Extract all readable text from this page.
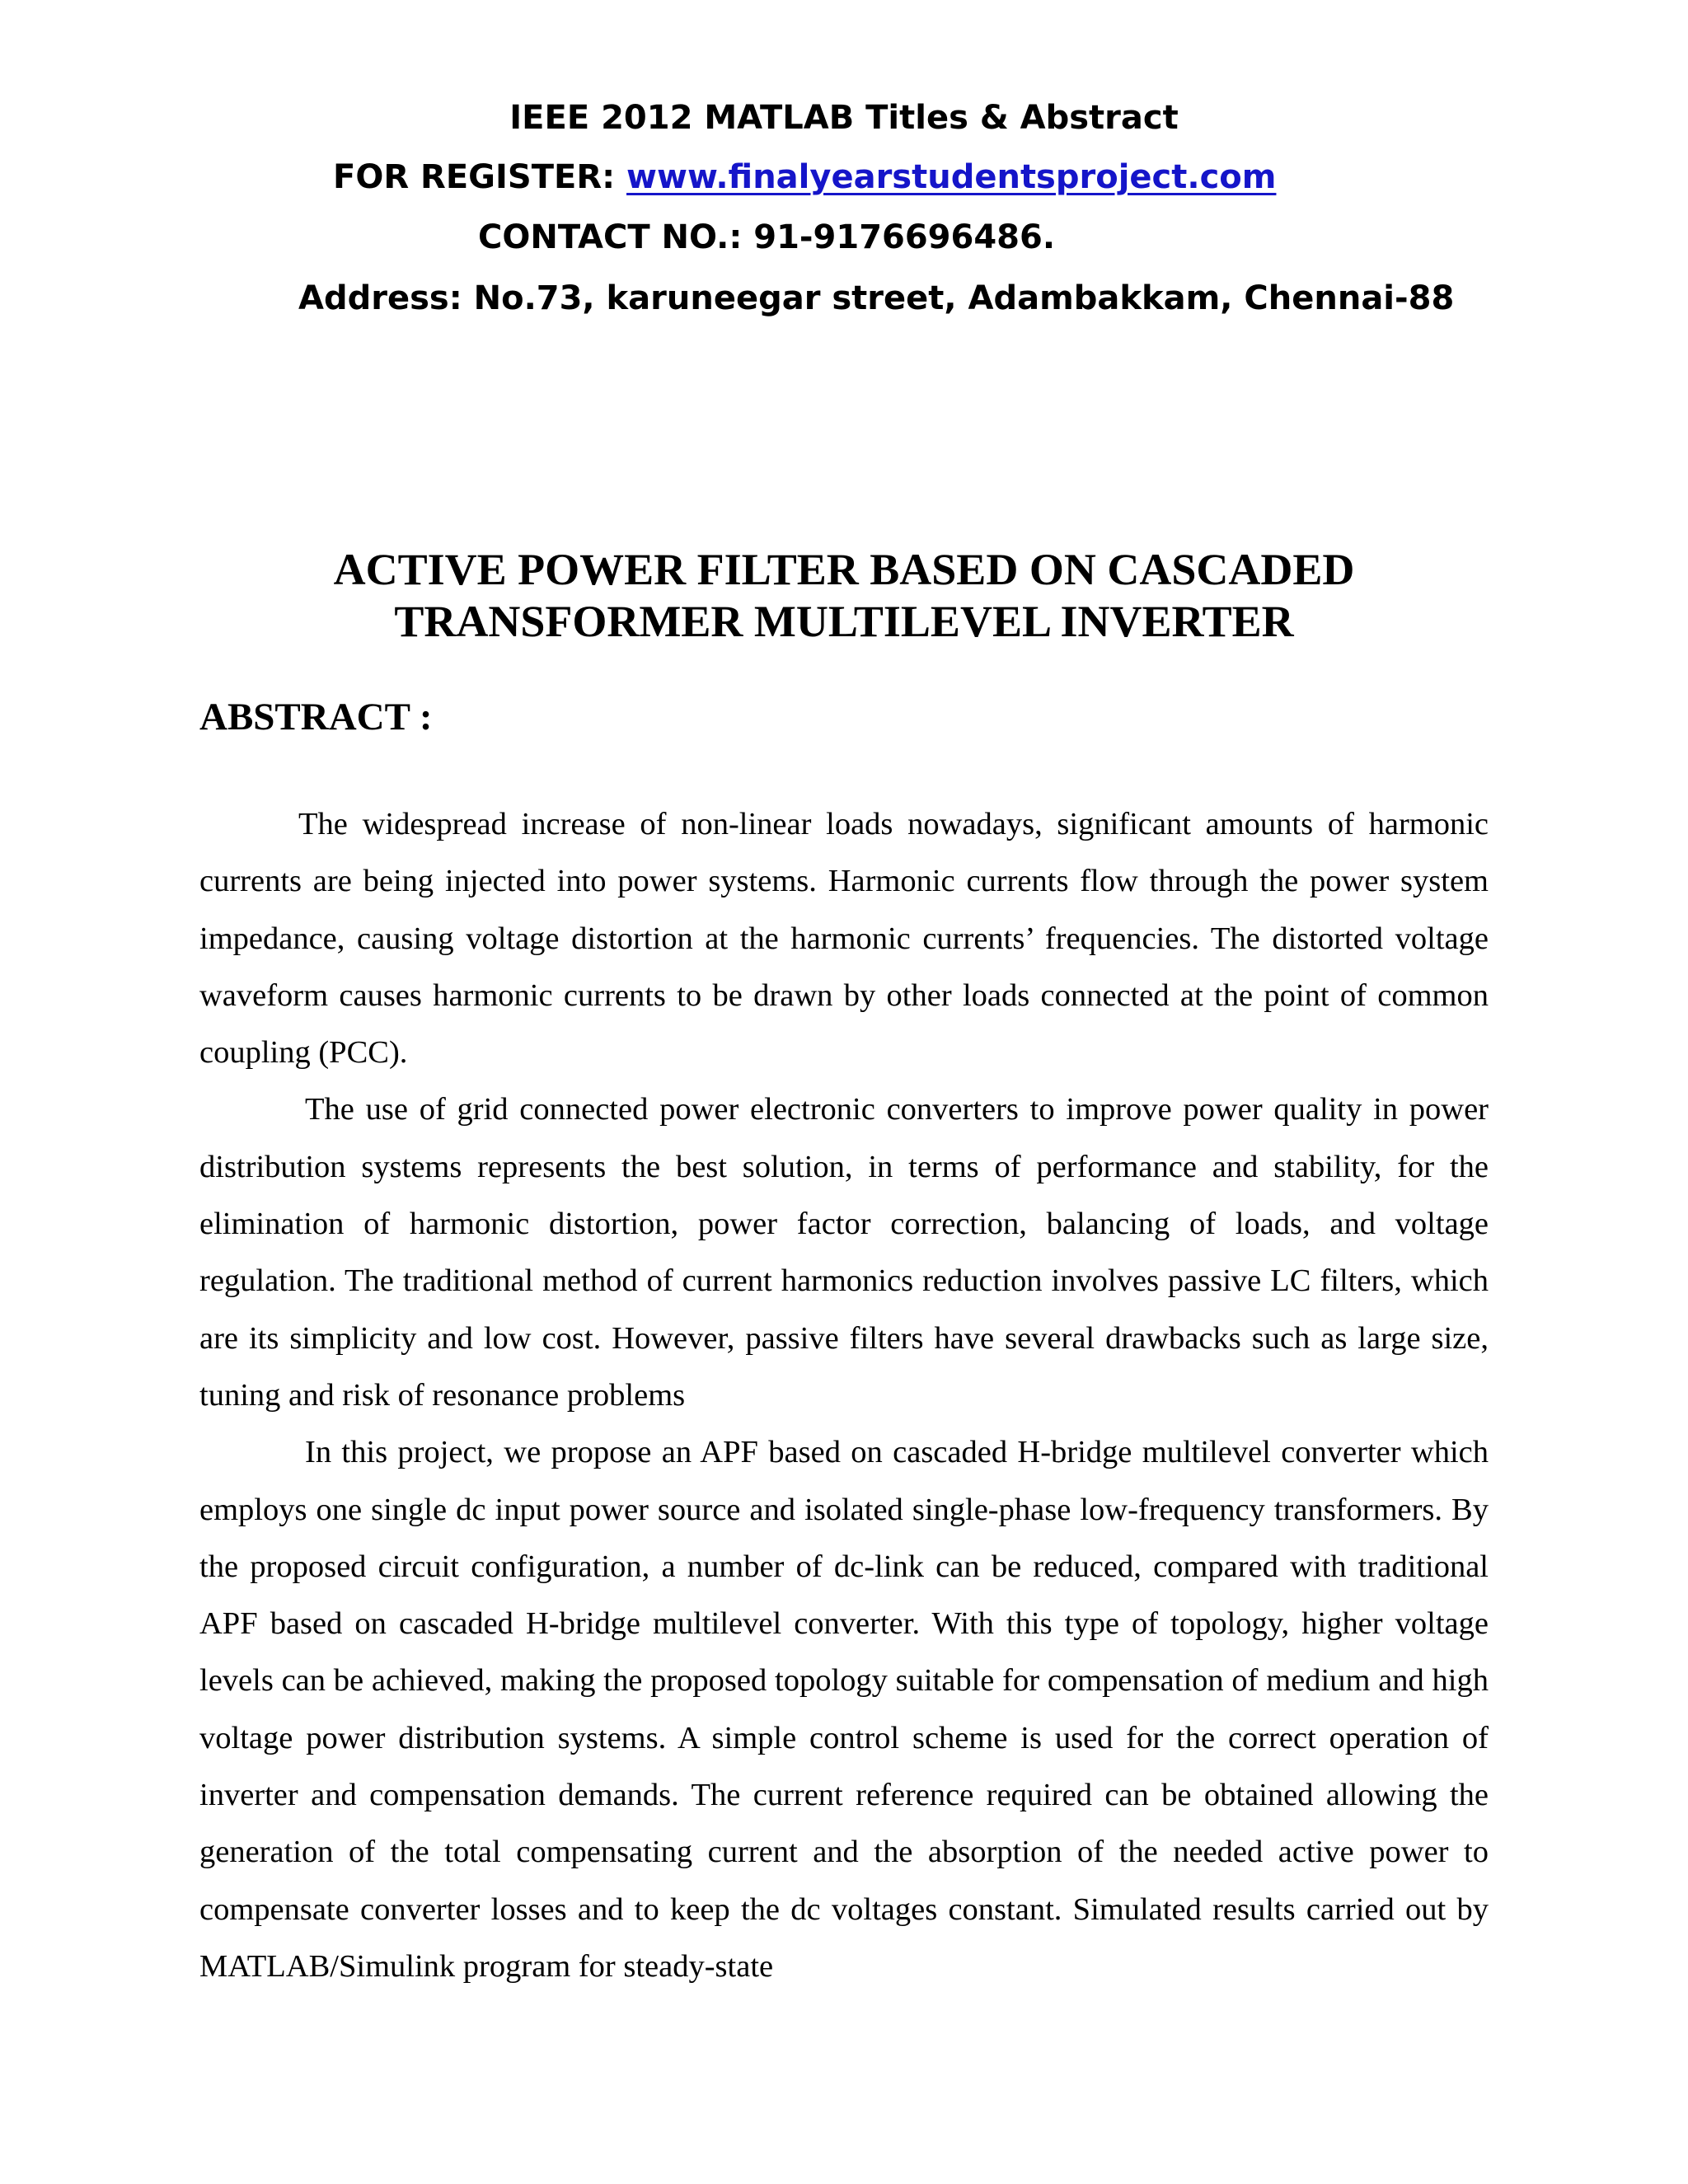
IEEE 2012 MATLAB Titles & Abstract
FOR REGISTER: www.finalyearstudentsproject.com
CONTACT NO.: 91-9176696486.
Address: No.73, karuneegar street, Adambakkam, Chennai-88
ACTIVE POWER FILTER BASED ON CASCADED
TRANSFORMER MULTILEVEL INVERTER
ABSTRACT :

The widespread increase of non-linear loads nowadays, significant amounts of harmonic currents are being injected into power systems. Harmonic currents flow through the power system impedance, causing voltage distortion at the harmonic currents’ frequencies. The distorted voltage waveform causes harmonic currents to be drawn by other loads connected at the point of common coupling (PCC).

The use of grid connected power electronic converters to improve power quality in power distribution systems represents the best solution, in terms of performance and stability, for the elimination of harmonic distortion, power factor correction, balancing of loads, and voltage regulation. The traditional method of current harmonics reduction involves passive LC filters, which are its simplicity and low cost. However, passive filters have several drawbacks such as large size, tuning and risk of resonance problems

In this project, we propose an APF based on cascaded H-bridge multilevel converter which employs one single dc input power source and isolated single-phase low-frequency transformers. By the proposed circuit configuration, a number of dc-link can be reduced, compared with traditional APF based on cascaded H-bridge multilevel converter. With this type of topology, higher voltage levels can be achieved, making the proposed topology suitable for compensation of medium and high voltage power distribution systems. A simple control scheme is used for the correct operation of inverter and compensation demands. The current reference required can be obtained allowing the generation of the total compensating current and the absorption of the needed active power to compensate converter losses and to keep the dc voltages constant. Simulated results carried out by MATLAB/Simulink program for steady-state
